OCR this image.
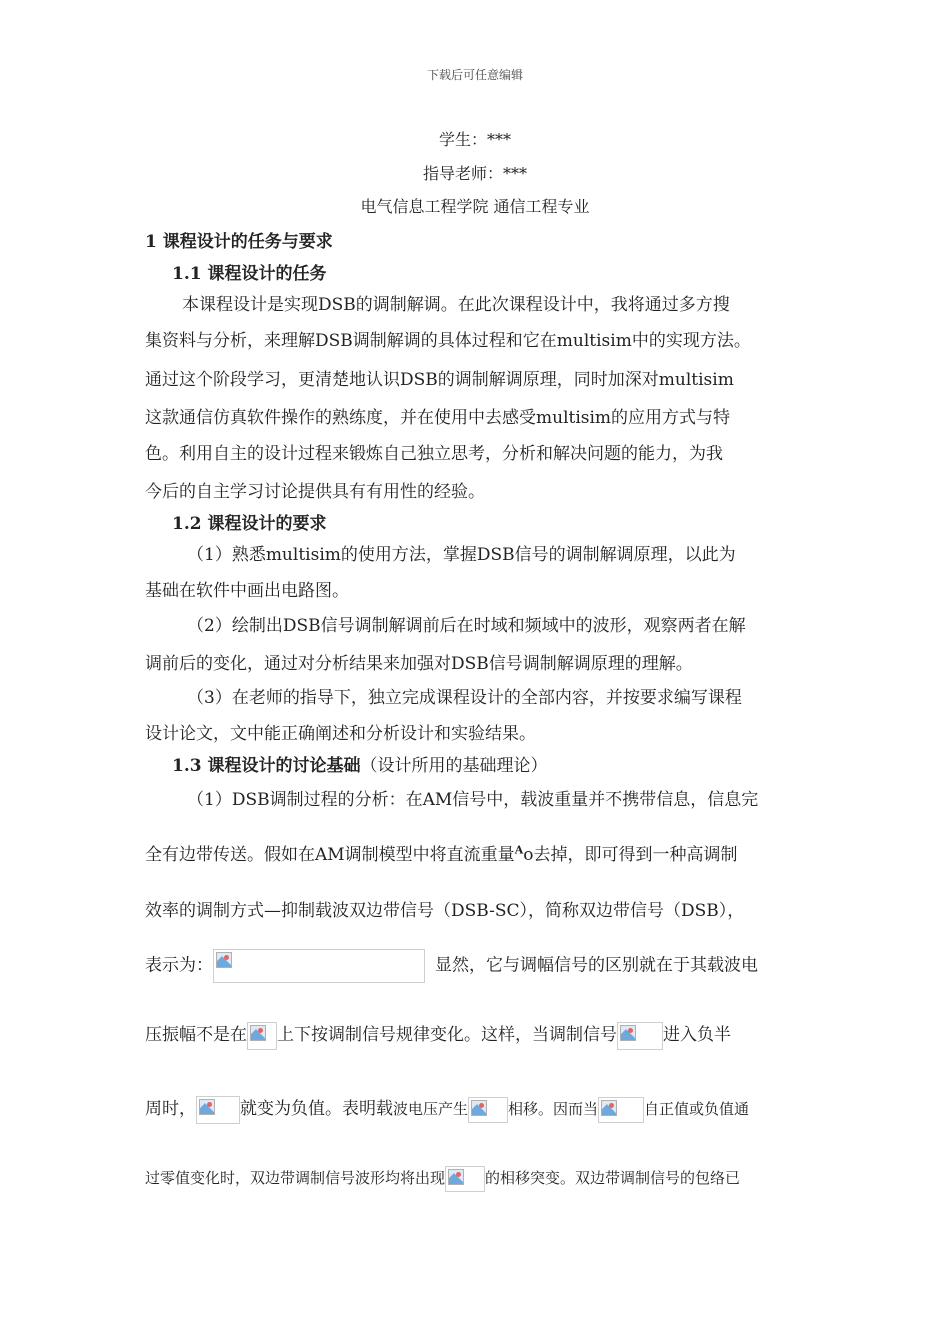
下载后可任意编辑
学生：***
指导老师：***
电气信息工程学院 通信工程专业
1 课程设计的任务与要求
1.1 课程设计的任务
本课程设计是实现DSB的调制解调。在此次课程设计中，我将通过多方搜
集资料与分析，来理解DSB调制解调的具体过程和它在multisim中的实现方法。
通过这个阶段学习，更清楚地认识DSB的调制解调原理，同时加深对multisim
这款通信仿真软件操作的熟练度，并在使用中去感受multisim的应用方式与特
色。利用自主的设计过程来锻炼自己独立思考，分析和解决问题的能力，为我
今后的自主学习讨论提供具有有用性的经验。
1.2 课程设计的要求
（1）熟悉multisim的使用方法，掌握DSB信号的调制解调原理，以此为
基础在软件中画出电路图。
（2）绘制出DSB信号调制解调前后在时域和频域中的波形，观察两者在解
调前后的变化，通过对分析结果来加强对DSB信号调制解调原理的理解。
（3）在老师的指导下，独立完成课程设计的全部内容，并按要求编写课程
设计论文，文中能正确阐述和分析设计和实验结果。
1.3 课程设计的讨论基础（设计所用的基础理论）
（1）DSB调制过程的分析：在AM信号中，载波重量并不携带信息，信息完
全有边带传送。假如在AM调制模型中将直流重量$^A$o去掉，即可得到一种高调制
效率的调制方式—抑制载波双边带信号（DSB-SC），简称双边带信号（DSB），
表示为：	显然，它与调幅信号的区别就在于其载波电
压振幅不是在 上下按调制信号规律变化。这样，当调制信号	进入负半
周时，	就变为负值。表明载波电压产生	相移。因而当	自正值或负值通
过零值变化时，双边带调制信号波形均将出现	的相移突变。双边带调制信号的包络已
